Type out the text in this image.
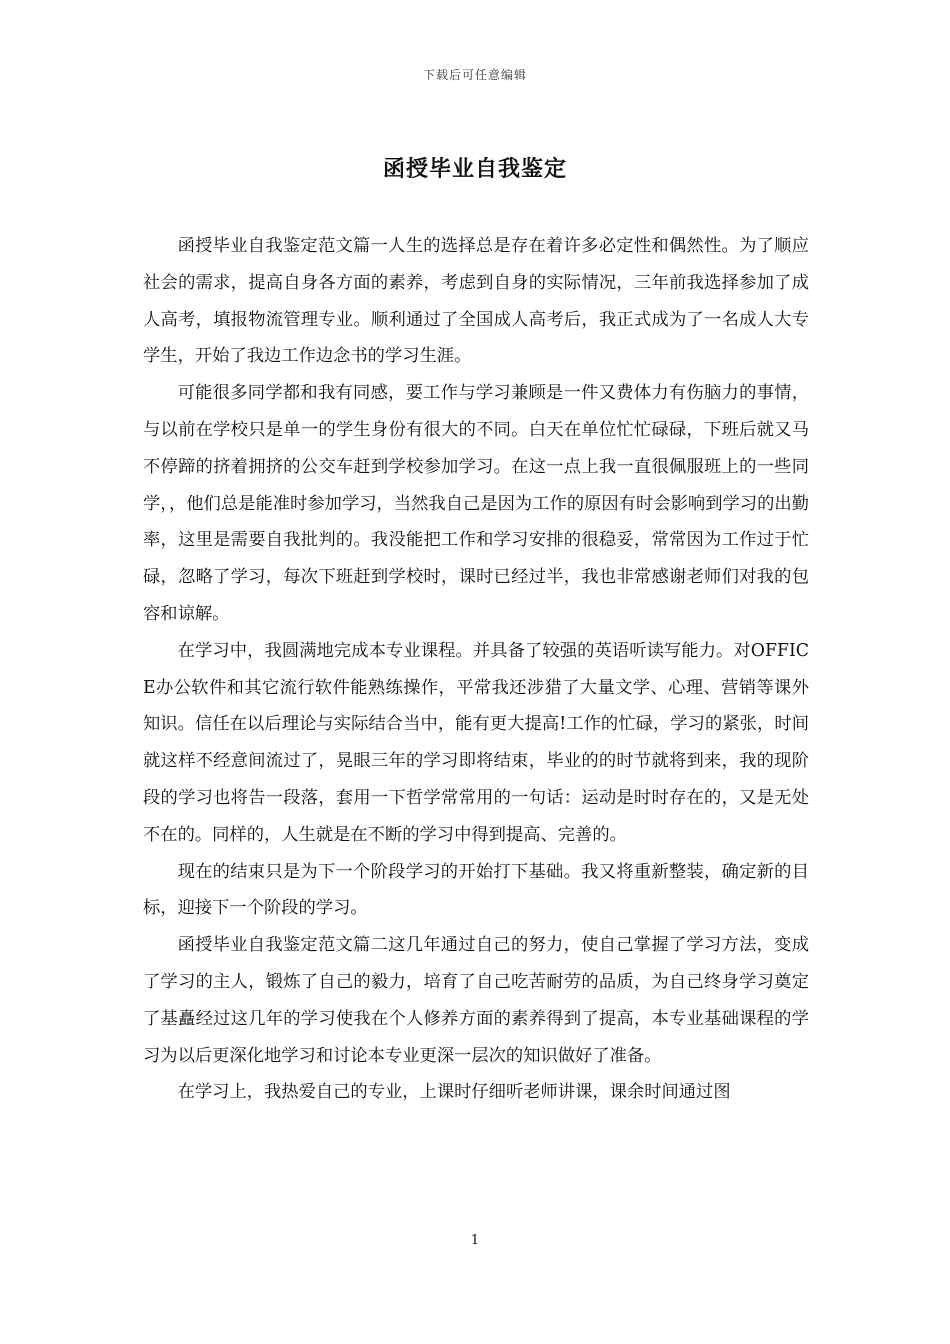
下载后可任意编辑
函授毕业自我鉴定

函授毕业自我鉴定范文篇一人生的选择总是存在着许多必定性和偶然性。为了顺应社会的需求，提高自身各方面的素养，考虑到自身的实际情况，三年前我选择参加了成人高考，填报物流管理专业。顺利通过了全国成人高考后，我正式成为了一名成人大专学生，开始了我边工作边念书的学习生涯。

可能很多同学都和我有同感，要工作与学习兼顾是一件又费体力有伤脑力的事情，与以前在学校只是单一的学生身份有很大的不同。白天在单位忙忙碌碌，下班后就又马不停蹄的挤着拥挤的公交车赶到学校参加学习。在这一点上我一直很佩服班上的一些同学，，他们总是能准时参加学习，当然我自己是因为工作的原因有时会影响到学习的出勤率，这里是需要自我批判的。我没能把工作和学习安排的很稳妥，常常因为工作过于忙碌，忽略了学习，每次下班赶到学校时，课时已经过半，我也非常感谢老师们对我的包容和谅解。

在学习中，我圆满地完成本专业课程。并具备了较强的英语听读写能力。对OFFICE办公软件和其它流行软件能熟练操作，平常我还涉猎了大量文学、心理、营销等课外知识。信任在以后理论与实际结合当中，能有更大提高!工作的忙碌，学习的紧张，时间就这样不经意间流过了，晃眼三年的学习即将结束，毕业的的时节就将到来，我的现阶段的学习也将告一段落，套用一下哲学常常用的一句话：运动是时时存在的，又是无处不在的。同样的，人生就是在不断的学习中得到提高、完善的。

现在的结束只是为下一个阶段学习的开始打下基础。我又将重新整装，确定新的目标，迎接下一个阶段的学习。

函授毕业自我鉴定范文篇二这几年通过自己的努力，使自己掌握了学习方法，变成了学习的主人，锻炼了自己的毅力，培育了自己吃苦耐劳的品质，为自己终身学习奠定了基矗经过这几年的学习使我在个人修养方面的素养得到了提高，本专业基础课程的学习为以后更深化地学习和讨论本专业更深一层次的知识做好了准备。

在学习上，我热爱自己的专业，上课时仔细听老师讲课，课余时间通过图

1
